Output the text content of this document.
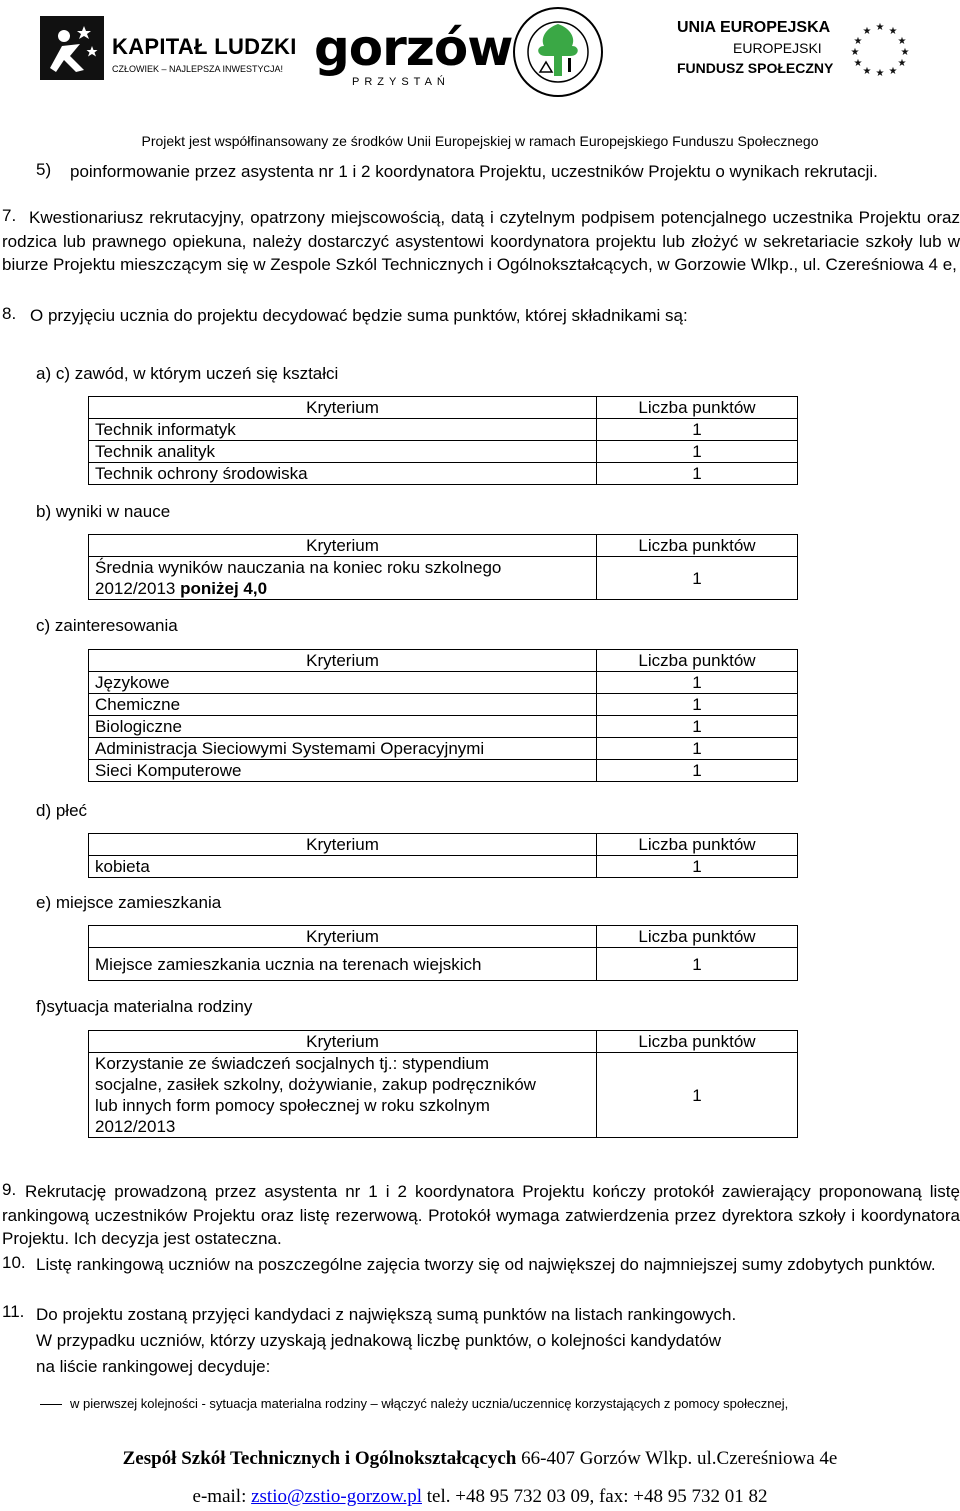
KAPITAŁ LUDZKI
CZŁOWIEK – NAJLEPSZA INWESTYCJA! gorzów
PRZYSTAŃ
UNIA EUROPEJSKA
EUROPEJSKI
FUNDUSZ SPOŁECZNY
★ ★
★
★
★
★
★
★
★
★
★
★
Projekt jest współfinansowany ze środków Unii Europejskiej w ramach Europejskiego Funduszu Społecznego
5) poinformowanie przez asystenta nr 1 i 2 koordynatora Projektu, uczestników Projektu o wynikach rekrutacji.
7. Kwestionariusz rekrutacyjny, opatrzony miejscowością, datą i czytelnym podpisem potencjalnego uczestnika Projektu oraz rodzica lub prawnego opiekuna, należy dostarczyć asystentowi koordynatora projektu lub złożyć w sekretariacie szkoły lub w biurze Projektu mieszczącym się w Zespole Szkól Technicznych i Ogólnokształcących, w Gorzowie Wlkp., ul. Czereśniowa 4 e,
8. O przyjęciu ucznia do projektu decydować będzie suma punktów, której składnikami są:
a) c) zawód, w którym uczeń się kształci
Kryterium	Liczba punktów
Technik informatyk	1
Technik analityk	1
Technik ochrony środowiska	1
b) wyniki w nauce
Kryterium	Liczba punktów
Średnia wyników nauczania na koniec roku szkolnego
2012/2013 poniżej 4,0	1
c) zainteresowania
Kryterium	Liczba punktów
Językowe	1
Chemiczne	1
Biologiczne	1
Administracja Sieciowymi Systemami Operacyjnymi	1
Sieci Komputerowe	1
d) płeć
Kryterium	Liczba punktów
kobieta	1
e) miejsce zamieszkania
Kryterium	Liczba punktów
Miejsce zamieszkania ucznia na terenach wiejskich	1
f)sytuacja materialna rodziny
Kryterium	Liczba punktów
Korzystanie ze świadczeń socjalnych tj.: stypendium socjalne, zasiłek szkolny, dożywianie, zakup podręczników lub innych form pomocy społecznej w roku szkolnym 2012/2013	1
9. Rekrutację prowadzoną przez asystenta nr 1 i 2 koordynatora Projektu kończy protokół zawierający proponowaną listę rankingową uczestników Projektu oraz listę rezerwową. Protokół wymaga zatwierdzenia przez dyrektora szkoły i koordynatora Projektu. Ich decyzja jest ostateczna.
10. Listę rankingową uczniów na poszczególne zajęcia tworzy się od największej do najmniejszej sumy zdobytych punktów.
11. Do projektu zostaną przyjęci kandydaci z największą sumą punktów na listach rankingowych.
W przypadku uczniów, którzy uzyskają jednakową liczbę punktów, o kolejności kandydatów
na liście rankingowej decyduje:
w pierwszej kolejności - sytuacja materialna rodziny – włączyć należy ucznia/uczennicę korzystających z pomocy społecznej,
Zespół Szkół Technicznych i Ogólnokształcących 66-407 Gorzów Wlkp. ul.Czereśniowa 4e
e-mail: zstio@zstio-gorzow.pl tel. +48 95 732 03 09, fax: +48 95 732 01 82
